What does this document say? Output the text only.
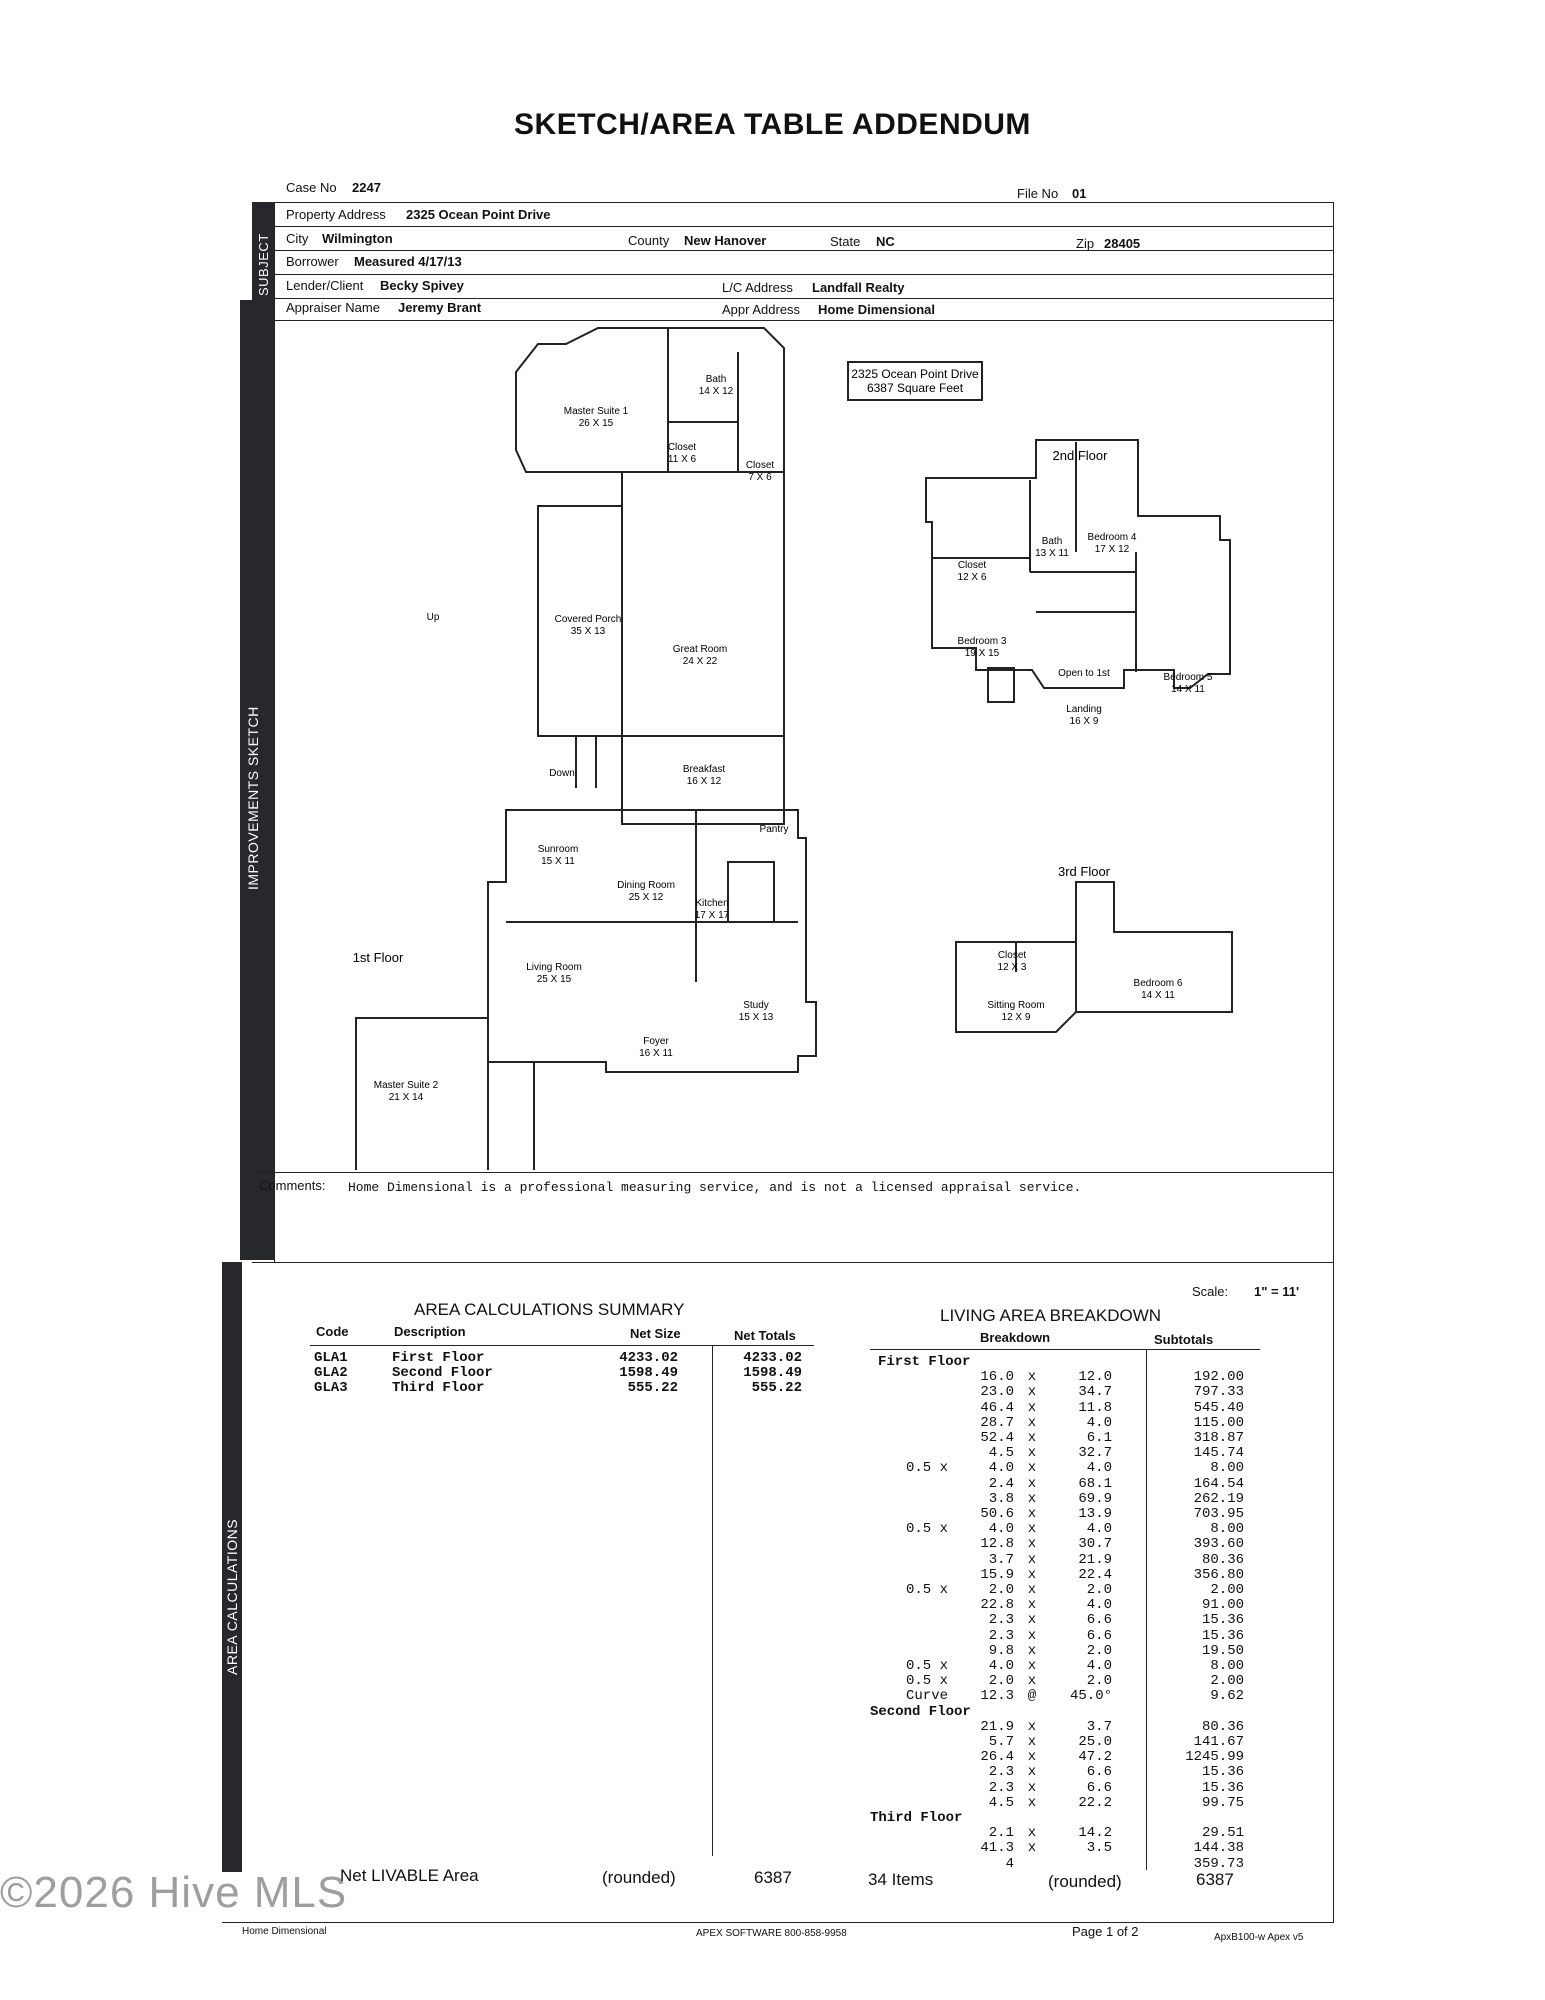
SKETCH/AREA TABLE ADDENDUM
Case No 2247	File No 01
SUBJECT
IMPROVEMENTS SKETCH
AREA CALCULATIONS
Property Address 2325 Ocean Point Drive
City Wilmington	County New Hanover	State NC	Zip 28405
Borrower Measured 4/17/13
Lender/Client Becky Spivey	L/C Address Landfall Realty
Appraiser Name Jeremy Brant	Appr Address Home Dimensional
2325 Ocean Point Drive
6387 Square Feet
1st Floor
2nd Floor
3rd Floor
Master Suite 1
26 X 15
Bath
14 X 12
Closet
11 X 6
Closet
7 X 6
Covered Porch
35 X 13
Great Room
24 X 22
Breakfast
16 X 12
Sunroom
15 X 11
Dining Room
25 X 12
Kitchen
17 X 17
Living Room
25 X 15
Study
15 X 13
Foyer
16 X 11
Master Suite 2
21 X 14
Pantry
Up
Down
Bath
13 X 11
Bedroom 4
17 X 12
Closet
12 X 6
Bedroom 3
19 X 15
Landing
16 X 9
Bedroom 5
14 X 11
Open to 1st
Closet
12 X 3
Sitting Room
12 X 9
Bedroom 6
14 X 11
Comments: Home Dimensional is a professional measuring service, and is not a licensed appraisal service.
Scale: 1" = 11'
AREA CALCULATIONS SUMMARY
Code	Description	Net Size	Net Totals
GLA1	First Floor	4233.02	4233.02
GLA2	Second Floor	1598.49	1598.49
GLA3	Third Floor	555.22	555.22
LIVING AREA BREAKDOWN
Breakdown	Subtotals
First Floor
16.0 x	12.0	192.00
23.0 x	34.7	797.33
46.4 x	11.8	545.40
28.7 x	4.0	115.00
52.4 x	6.1	318.87
4.5 x	32.7	145.74
0.5 x	4.0 x	4.0	8.00
2.4 x	68.1	164.54
3.8 x	69.9	262.19
50.6 x	13.9	703.95
0.5 x	4.0 x	4.0	8.00
12.8 x	30.7	393.60
3.7 x	21.9	80.36
15.9 x	22.4	356.80
0.5 x	2.0 x	2.0	2.00
22.8 x	4.0	91.00
2.3 x	6.6	15.36
2.3 x	6.6	15.36
9.8 x	2.0	19.50
0.5 x	4.0 x	4.0	8.00
0.5 x	2.0 x	2.0	2.00
Curve	12.3 @	45.0°	9.62
Second Floor
21.9 x	3.7	80.36
5.7 x	25.0	141.67
26.4 x	47.2	1245.99
2.3 x	6.6	15.36
2.3 x	6.6	15.36
4.5 x	22.2	99.75
Third Floor
2.1 x	14.2	29.51
41.3 x	3.5	144.38
4	359.73
Net LIVABLE Area	(rounded)	6387	34 Items	(rounded)	6387
Home Dimensional	APEX SOFTWARE 800-858-9958	Page 1 of 2	ApxB100-w Apex v5
©2026 Hive MLS
